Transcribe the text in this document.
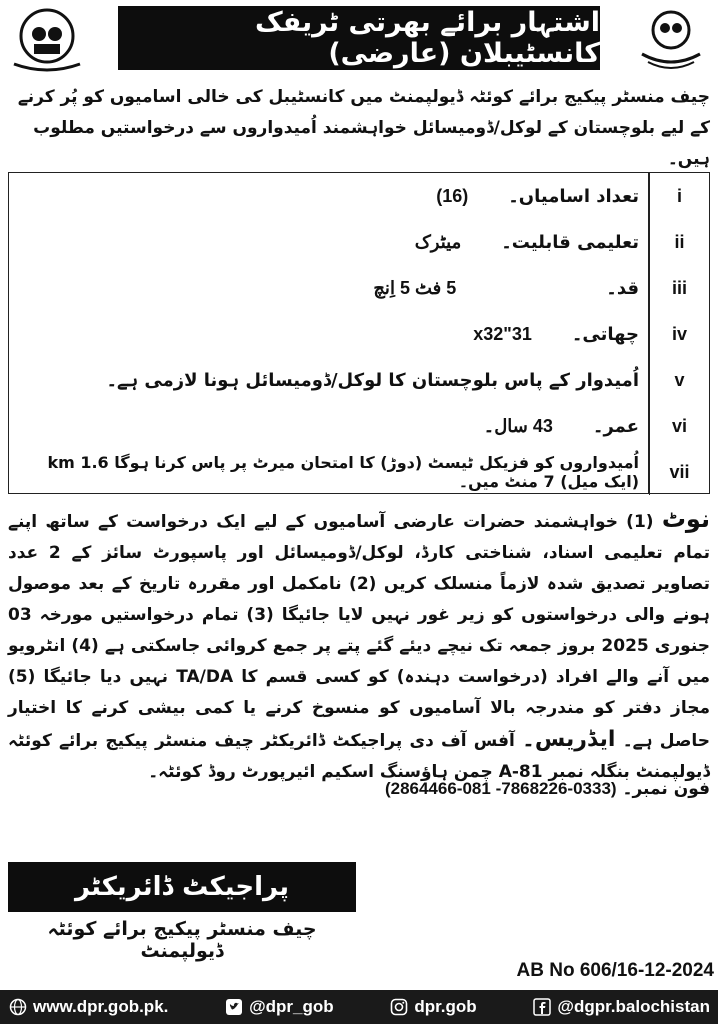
اشتہار برائے بھرتی ٹریفک کانسٹیبلان (عارضی)
چیف منسٹر پیکیج برائے کوئٹہ ڈیولپمنٹ میں کانسٹیبل کی خالی اسامیوں کو پُر کرنے کے لیے بلوچستان کے لوکل/ڈومیسائل خواہشمند اُمیدواروں سے درخواستیں مطلوب ہیں۔
i
تعداد اسامیاں۔
(16)
ii
تعلیمی قابلیت۔
میٹرک
iii
قد۔
5 فٹ 5 اِنچ
iv
چھاتی۔
31"x32
v
اُمیدوار کے پاس بلوچستان کا لوکل/ڈومیسائل ہونا لازمی ہے۔
vi
عمر۔
43 سال۔
vii
اُمیدواروں کو فزیکل ٹیسٹ (دوڑ) کا امتحان میرٹ پر پاس کرنا ہوگا km 1.6 (ایک میل) 7 منٹ میں۔
نوٹ (1) خواہشمند حضرات عارضی آسامیوں کے لیے ایک درخواست کے ساتھ اپنے تمام تعلیمی اسناد، شناختی کارڈ، لوکل/ڈومیسائل اور پاسپورٹ سائز کے 2 عدد تصاویر تصدیق شدہ لازماً منسلک کریں (2) نامکمل اور مقررہ تاریخ کے بعد موصول ہونے والی درخواستوں کو زیر غور نہیں لایا جائیگا (3) تمام درخواستیں مورخہ 03 جنوری 2025 بروز جمعہ تک نیچے دیئے گئے پتے پر جمع کروائی جاسکتی ہے (4) انٹرویو میں آنے والے افراد (درخواست دہندہ) کو کسی قسم کا TA/DA نہیں دیا جائیگا (5) مجاز دفتر کو مندرجہ بالا آسامیوں کو منسوخ کرنے یا کمی بیشی کرنے کا اختیار حاصل ہے۔ ایڈریس۔ آفس آف دی پراجیکٹ ڈائریکٹر چیف منسٹر پیکیج برائے کوئٹہ ڈیولپمنٹ بنگلہ نمبر A-81 چمن ہاؤسنگ اسکیم ائیرپورٹ روڈ کوئٹہ۔
فون نمبر۔ (0333-7868226- 081-2864466)
پراجیکٹ ڈائریکٹر
چیف منسٹر پیکیج برائے کوئٹہ ڈیولپمنٹ
AB No 606/16-12-2024
www.dpr.gob.pk.	@dpr_gob	dpr.gob	@dgpr.balochistan
